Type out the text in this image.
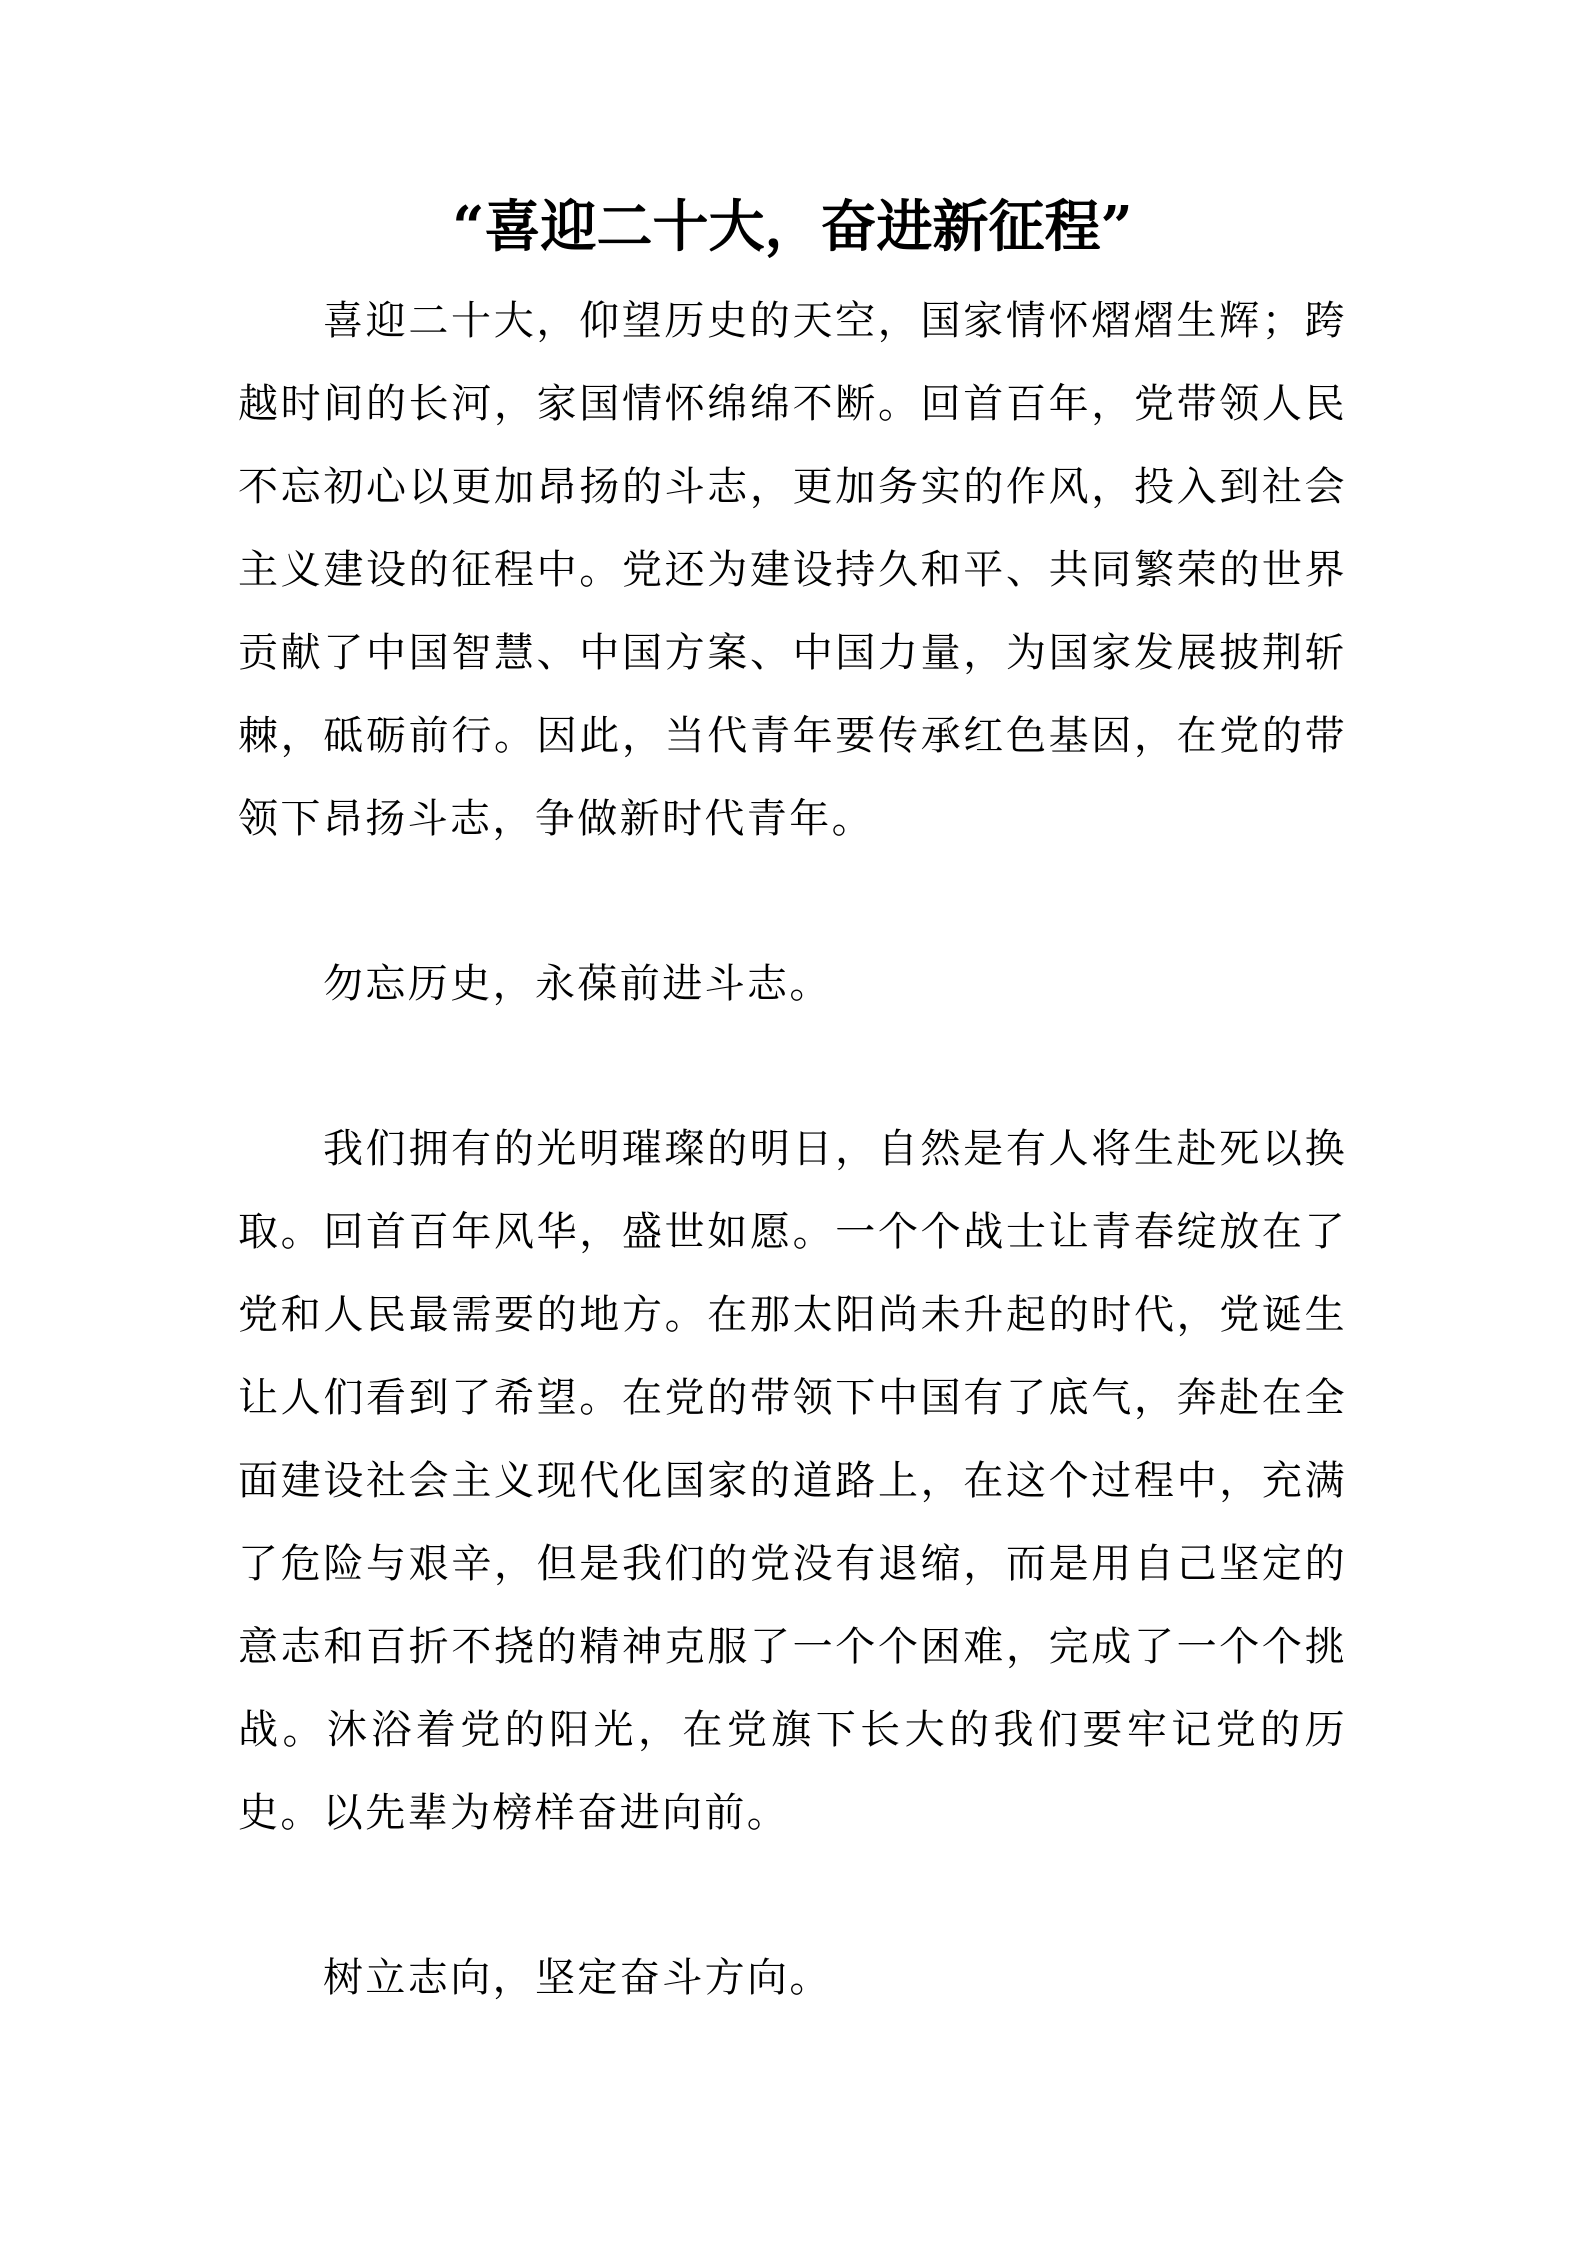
“喜迎二十大，奋进新征程”

喜迎二十大，仰望历史的天空，国家情怀熠熠生辉；跨越时间的长河，家国情怀绵绵不断。回首百年，党带领人民不忘初心以更加昂扬的斗志，更加务实的作风，投入到社会主义建设的征程中。党还为建设持久和平、共同繁荣的世界贡献了中国智慧、中国方案、中国力量，为国家发展披荆斩棘，砥砺前行。因此，当代青年要传承红色基因，在党的带领下昂扬斗志，争做新时代青年。

勿忘历史，永葆前进斗志。

我们拥有的光明璀璨的明日，自然是有人将生赴死以换取。回首百年风华，盛世如愿。一个个战士让青春绽放在了党和人民最需要的地方。在那太阳尚未升起的时代，党诞生让人们看到了希望。在党的带领下中国有了底气，奔赴在全面建设社会主义现代化国家的道路上，在这个过程中，充满了危险与艰辛，但是我们的党没有退缩，而是用自己坚定的意志和百折不挠的精神克服了一个个困难，完成了一个个挑战。沐浴着党的阳光，在党旗下长大的我们要牢记党的历史。以先辈为榜样奋进向前。

树立志向，坚定奋斗方向。
